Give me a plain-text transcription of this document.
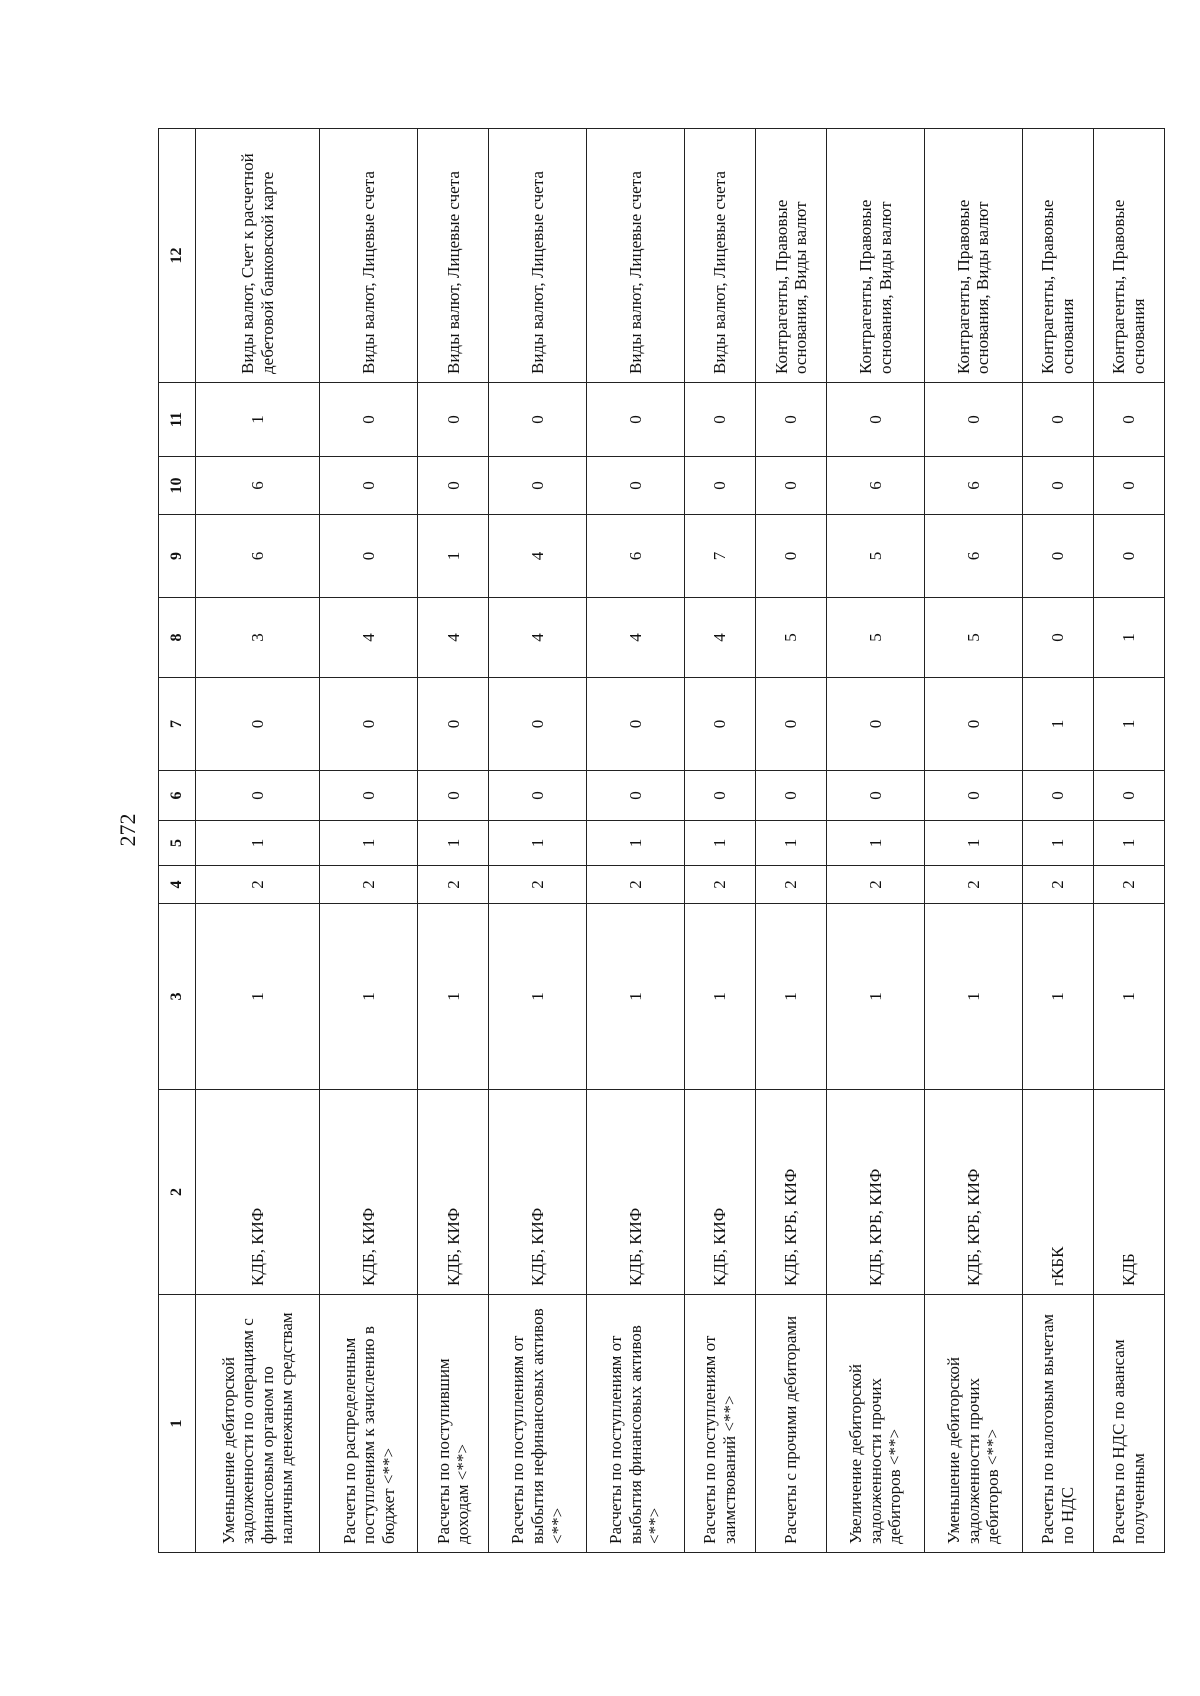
272
1	2	3	4	5	6	7	8	9	10	11	12
Уменьшение дебиторской задолженности по операциям с финансовым органом по наличным денежным средствам	КДБ, КИФ	1	2	1	0	0	3	6	6	1	Виды валют, Счет к расчетной дебетовой банковской карте
Расчеты по распределенным поступлениям к зачислению в бюджет <**>	КДБ, КИФ	1	2	1	0	0	4	0	0	0	Виды валют, Лицевые счета
Расчеты по поступившим доходам <**>	КДБ, КИФ	1	2	1	0	0	4	1	0	0	Виды валют, Лицевые счета
Расчеты по поступлениям от выбытия нефинансовых активов <**>	КДБ, КИФ	1	2	1	0	0	4	4	0	0	Виды валют, Лицевые счета
Расчеты по поступлениям от выбытия финансовых активов <**>	КДБ, КИФ	1	2	1	0	0	4	6	0	0	Виды валют, Лицевые счета
Расчеты по поступлениям от заимствований <**>	КДБ, КИФ	1	2	1	0	0	4	7	0	0	Виды валют, Лицевые счета
Расчеты с прочими дебиторами	КДБ, КРБ, КИФ	1	2	1	0	0	5	0	0	0	Контрагенты, Правовые основания, Виды валют
Увеличение дебиторской задолженности прочих дебиторов <**>	КДБ, КРБ, КИФ	1	2	1	0	0	5	5	6	0	Контрагенты, Правовые основания, Виды валют
Уменьшение дебиторской задолженности прочих дебиторов <**>	КДБ, КРБ, КИФ	1	2	1	0	0	5	6	6	0	Контрагенты, Правовые основания, Виды валют
Расчеты по налоговым вычетам по НДС	гКБК	1	2	1	0	1	0	0	0	0	Контрагенты, Правовые основания
Расчеты по НДС по авансам полученным	КДБ	1	2	1	0	1	1	0	0	0	Контрагенты, Правовые основания
